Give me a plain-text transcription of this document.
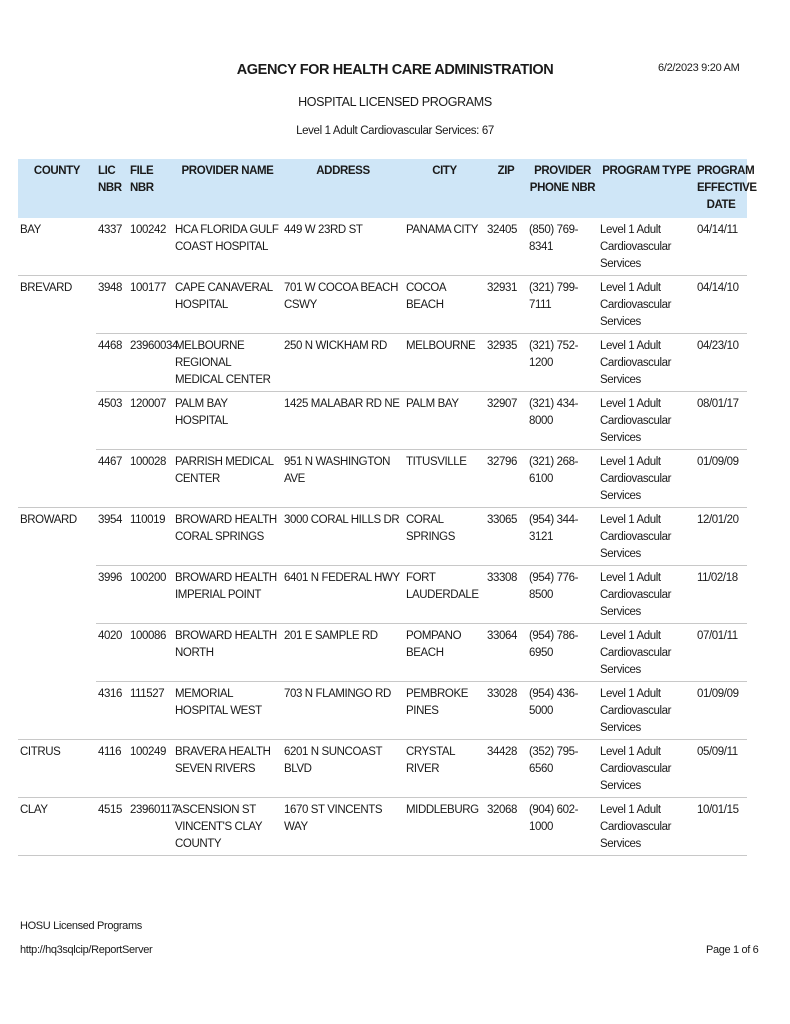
6/2/2023 9:20 AM
AGENCY FOR HEALTH CARE ADMINISTRATION
HOSPITAL LICENSED PROGRAMS
Level 1 Adult Cardiovascular Services: 67
COUNTY	LIC NBR	FILE NBR	PROVIDER NAME	ADDRESS	CITY	ZIP	PROVIDER PHONE NBR	PROGRAM TYPE	PROGRAM EFFECTIVE DATE
BAY	4337	100242	HCA FLORIDA GULF COAST HOSPITAL	449 W 23RD ST	PANAMA CITY	32405	(850) 769-8341	Level 1 Adult Cardiovascular Services	04/14/11
BREVARD	3948	100177	CAPE CANAVERAL HOSPITAL	701 W COCOA BEACH CSWY	COCOA BEACH	32931	(321) 799-7111	Level 1 Adult Cardiovascular Services	04/14/10
	4468	23960034	MELBOURNE REGIONAL MEDICAL CENTER	250 N WICKHAM RD	MELBOURNE	32935	(321) 752-1200	Level 1 Adult Cardiovascular Services	04/23/10
	4503	120007	PALM BAY HOSPITAL	1425 MALABAR RD NE	PALM BAY	32907	(321) 434-8000	Level 1 Adult Cardiovascular Services	08/01/17
	4467	100028	PARRISH MEDICAL CENTER	951 N WASHINGTON AVE	TITUSVILLE	32796	(321) 268-6100	Level 1 Adult Cardiovascular Services	01/09/09
BROWARD	3954	110019	BROWARD HEALTH CORAL SPRINGS	3000 CORAL HILLS DR	CORAL SPRINGS	33065	(954) 344-3121	Level 1 Adult Cardiovascular Services	12/01/20
	3996	100200	BROWARD HEALTH IMPERIAL POINT	6401 N FEDERAL HWY	FORT LAUDERDALE	33308	(954) 776-8500	Level 1 Adult Cardiovascular Services	11/02/18
	4020	100086	BROWARD HEALTH NORTH	201 E SAMPLE RD	POMPANO BEACH	33064	(954) 786-6950	Level 1 Adult Cardiovascular Services	07/01/11
	4316	111527	MEMORIAL HOSPITAL WEST	703 N FLAMINGO RD	PEMBROKE PINES	33028	(954) 436-5000	Level 1 Adult Cardiovascular Services	01/09/09
CITRUS	4116	100249	BRAVERA HEALTH SEVEN RIVERS	6201 N SUNCOAST BLVD	CRYSTAL RIVER	34428	(352) 795-6560	Level 1 Adult Cardiovascular Services	05/09/11
CLAY	4515	23960117	ASCENSION ST VINCENT'S CLAY COUNTY	1670 ST VINCENTS WAY	MIDDLEBURG	32068	(904) 602-1000	Level 1 Adult Cardiovascular Services	10/01/15
HOSU Licensed Programs
http://hq3sqlcip/ReportServer	Page 1 of 6
